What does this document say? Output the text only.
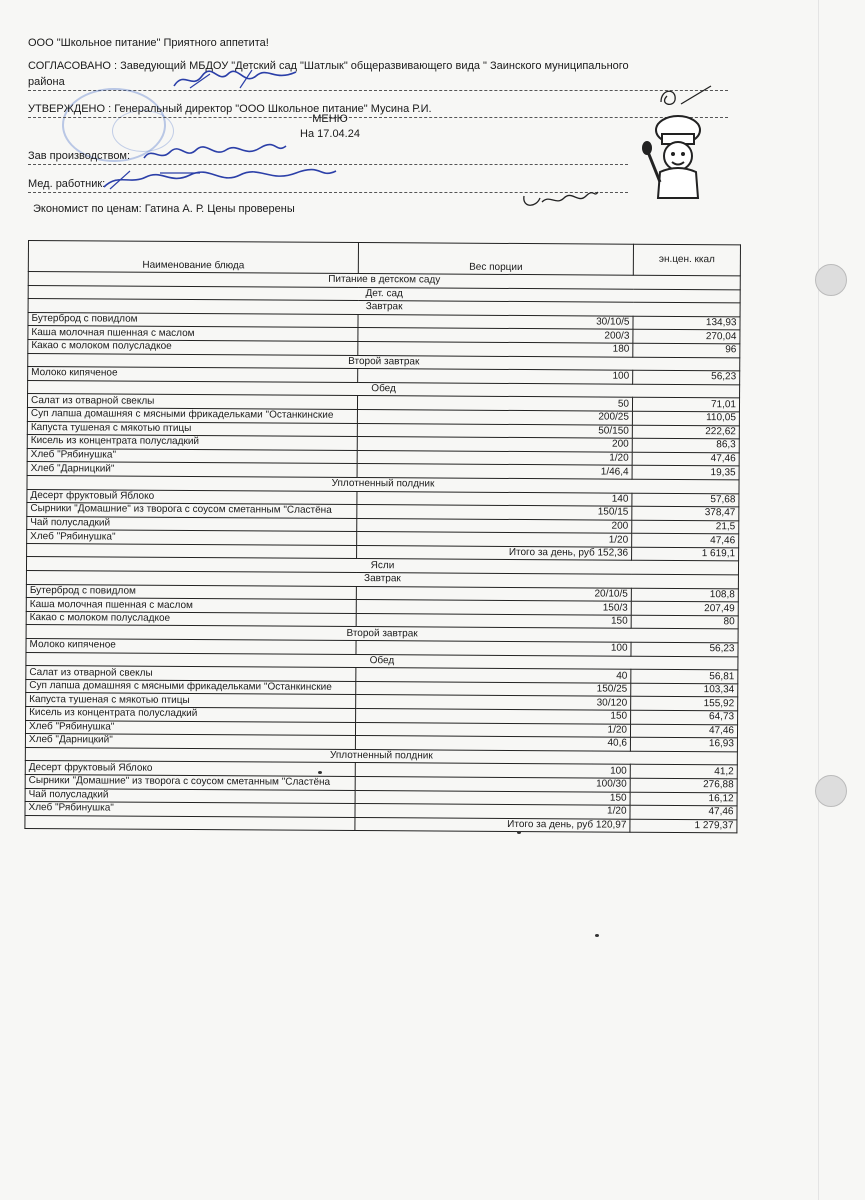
ООО "Школьное питание" Приятного аппетита!
СОГЛАСОВАНО : Заведующий МБДОУ "Детский сад "Шатлык" общеразвивающего вида " Заинского муниципального
района
УТВЕРЖДЕНО : Генеральный директор "ООО Школьное питание" Мусина Р.И.
МЕНЮ
На 17.04.24
Зав производством:
Мед. работник:
Экономист по ценам: Гатина А. Р. Цены проверены
Наименование блюда	Вес порции	эн.цен. ккал
Питание в детском саду		
Дет. сад		
Завтрак		
Бутерброд с повидлом	30/10/5	134,93
Каша молочная пшенная с маслом	200/3	270,04
Какао с молоком полусладкое	180	96
Второй завтрак		
Молоко кипяченое	100	56,23
Обед		
Салат из отварной свеклы	50	71,01
Суп лапша домашняя с мясными фрикадельками "Останкинские	200/25	110,05
Капуста тушеная с мякотью птицы	50/150	222,62
Кисель из концентрата полусладкий	200	86,3
Хлеб "Рябинушка"	1/20	47,46
Хлеб "Дарницкий"	1/46,4	19,35
Уплотненный полдник		
Десерт фруктовый Яблоко	140	57,68
Сырники "Домашние" из творога с соусом сметанным "Сластёна	150/15	378,47
Чай полусладкий	200	21,5
Хлеб "Рябинушка"	1/20	47,46
	Итого за день, руб 152,36	1 619,1
Ясли		
Завтрак		
Бутерброд с повидлом	20/10/5	108,8
Каша молочная пшенная с маслом	150/3	207,49
Какао с молоком полусладкое	150	80
Второй завтрак		
Молоко кипяченое	100	56,23
Обед		
Салат из отварной свеклы	40	56,81
Суп лапша домашняя с мясными фрикадельками "Останкинские	150/25	103,34
Капуста тушеная с мякотью птицы	30/120	155,92
Кисель из концентрата полусладкий	150	64,73
Хлеб "Рябинушка"	1/20	47,46
Хлеб "Дарницкий"	40,6	16,93
Уплотненный полдник		
Десерт фруктовый Яблоко	100	41,2
Сырники "Домашние" из творога с соусом сметанным "Сластёна	100/30	276,88
Чай полусладкий	150	16,12
Хлеб "Рябинушка"	1/20	47,46
	Итого за день, руб 120,97	1 279,37
